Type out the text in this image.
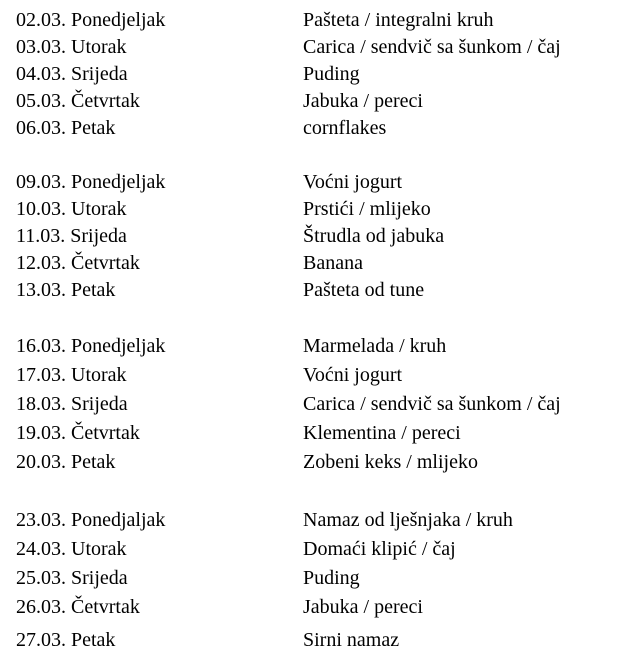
02.03. Ponedjeljak	Pašteta / integralni kruh
03.03. Utorak	Carica / sendvič sa šunkom / čaj
04.03. Srijeda	Puding
05.03. Četvrtak	Jabuka / pereci
06.03. Petak	cornflakes
09.03. Ponedjeljak	Voćni jogurt
10.03. Utorak	Prstići / mlijeko
11.03. Srijeda	Štrudla od jabuka
12.03. Četvrtak	Banana
13.03. Petak	Pašteta od tune
16.03. Ponedjeljak	Marmelada / kruh
17.03. Utorak	Voćni jogurt
18.03. Srijeda	Carica / sendvič sa šunkom / čaj
19.03. Četvrtak	Klementina / pereci
20.03. Petak	Zobeni keks / mlijeko
23.03. Ponedjaljak	Namaz od lješnjaka / kruh
24.03. Utorak	Domaći klipić / čaj
25.03. Srijeda	Puding
26.03. Četvrtak	Jabuka / pereci
27.03. Petak	Sirni namaz
